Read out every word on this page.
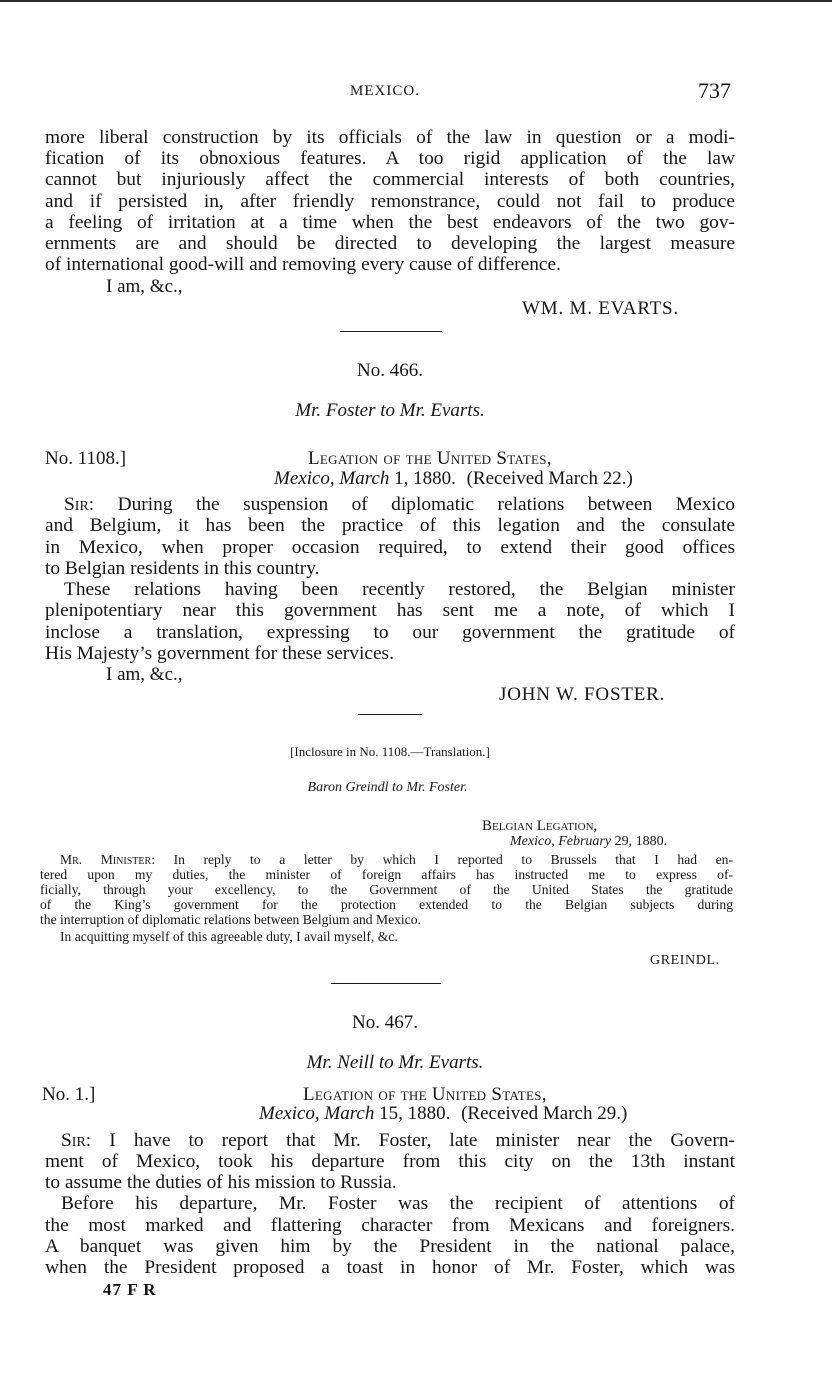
MEXICO.	737
more liberal construction by its officials of the law in question or a modi-
fication of its obnoxious features. A too rigid application of the law
cannot but injuriously affect the commercial interests of both countries,
and if persisted in, after friendly remonstrance, could not fail to produce
a feeling of irritation at a time when the best endeavors of the two gov-
ernments are and should be directed to developing the largest measure
of international good-will and removing every cause of difference.
I am, &c.,
WM. M. EVARTS.
No. 466.
Mr. Foster to Mr. Evarts.
No. 1108.]	Legation of the United States,
Mexico, March 1, 1880. (Received March 22.)
Sir: During the suspension of diplomatic relations between Mexico
and Belgium, it has been the practice of this legation and the consulate
in Mexico, when proper occasion required, to extend their good offices
to Belgian residents in this country.
These relations having been recently restored, the Belgian minister
plenipotentiary near this government has sent me a note, of which I
inclose a translation, expressing to our government the gratitude of
His Majesty’s government for these services.
I am, &c.,
JOHN W. FOSTER.
[Inclosure in No. 1108.—Translation.]
Baron Greindl to Mr. Foster.
Belgian Legation,
Mexico, February 29, 1880.
Mr. Minister: In reply to a letter by which I reported to Brussels that I had en-
tered upon my duties, the minister of foreign affairs has instructed me to express of-
ficially, through your excellency, to the Government of the United States the gratitude
of the King’s government for the protection extended to the Belgian subjects during
the interruption of diplomatic relations between Belgium and Mexico.
In acquitting myself of this agreeable duty, I avail myself, &c.
GREINDL.
No. 467.
Mr. Neill to Mr. Evarts.
No. 1.]	Legation of the United States,
Mexico, March 15, 1880. (Received March 29.)
Sir: I have to report that Mr. Foster, late minister near the Govern-
ment of Mexico, took his departure from this city on the 13th instant
to assume the duties of his mission to Russia.
Before his departure, Mr. Foster was the recipient of attentions of
the most marked and flattering character from Mexicans and foreigners.
A banquet was given him by the President in the national palace,
when the President proposed a toast in honor of Mr. Foster, which was
47 F R
